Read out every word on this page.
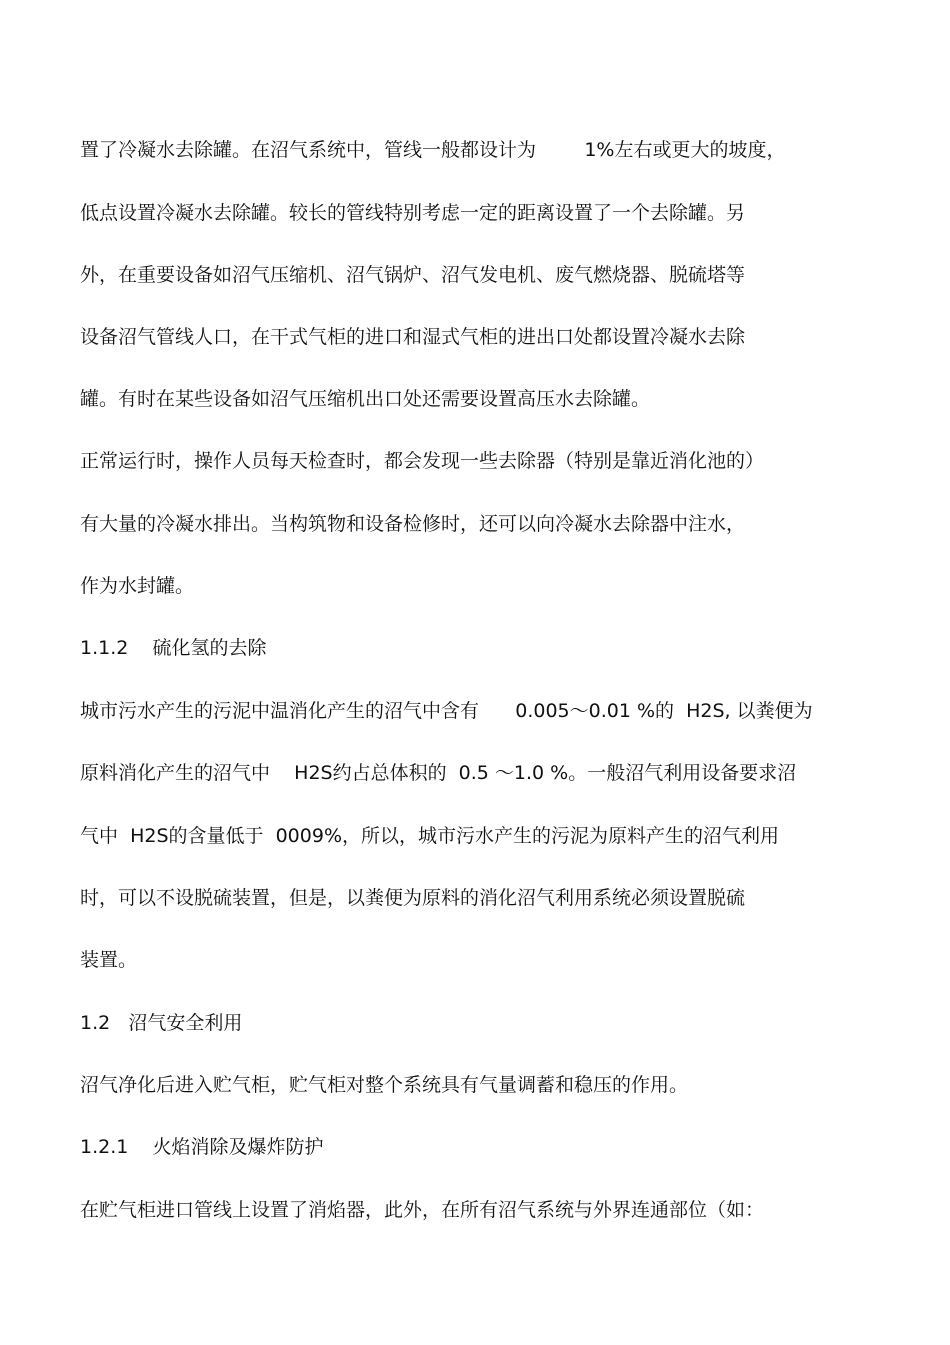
置了冷凝水去除罐。在沼气系统中，管线一般都设计为        1%左右或更大的坡度，

低点设置冷凝水去除罐。较长的管线特别考虑一定的距离设置了一个去除罐。另

外，在重要设备如沼气压缩机、沼气锅炉、沼气发电机、废气燃烧器、脱硫塔等

设备沼气管线人口，在干式气柜的进口和湿式气柜的进出口处都设置冷凝水去除

罐。有时在某些设备如沼气压缩机出口处还需要设置高压水去除罐。

正常运行时，操作人员每天检查时，都会发现一些去除器（特别是靠近消化池的）

有大量的冷凝水排出。当构筑物和设备检修时，还可以向冷凝水去除器中注水，

作为水封罐。

1.1.2    硫化氢的去除

城市污水产生的污泥中温消化产生的沼气中含有      0.005～0.01 %的  H2S, 以粪便为

原料消化产生的沼气中    H2S约占总体积的  0.5 ～1.0 %。一般沼气利用设备要求沼

气中  H2S的含量低于  0009%，所以，城市污水产生的污泥为原料产生的沼气利用

时，可以不设脱硫装置，但是，以粪便为原料的消化沼气利用系统必须设置脱硫

装置。

1.2   沼气安全利用

沼气净化后进入贮气柜，贮气柜对整个系统具有气量调蓄和稳压的作用。

1.2.1    火焰消除及爆炸防护

在贮气柜进口管线上设置了消焰器，此外，在所有沼气系统与外界连通部位（如：
